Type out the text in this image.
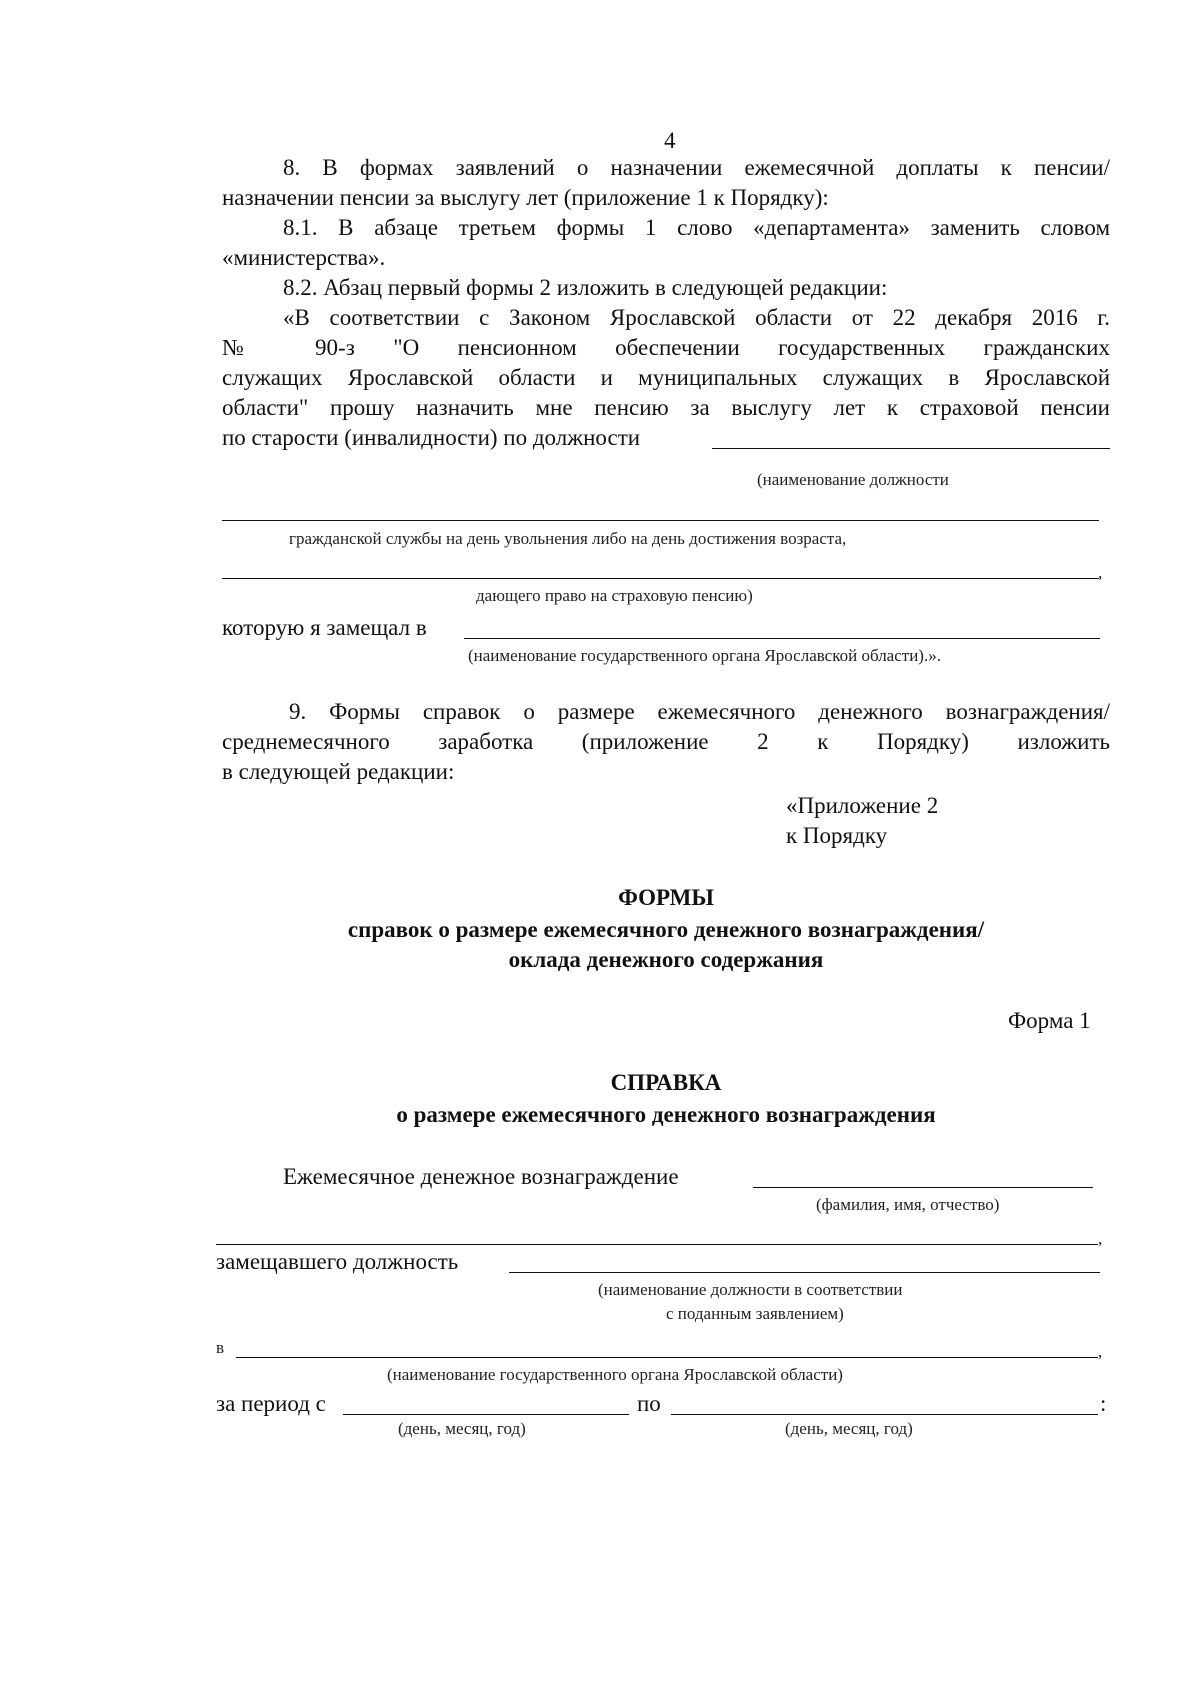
4

8. В формах заявлений о назначении ежемесячной доплаты к пенсии/

назначении пенсии за выслугу лет (приложение 1 к Порядку):

8.1. В абзаце третьем формы 1 слово «департамента» заменить словом

«министерства».

8.2. Абзац первый формы 2 изложить в следующей редакции:

«В соответствии с Законом Ярославской области от 22 декабря 2016 г.

№ 90-з "О пенсионном обеспечении государственных гражданских

служащих Ярославской области и муниципальных служащих в Ярославской

области" прошу назначить мне пенсию за выслугу лет к страховой пенсии

по старости (инвалидности) по должности

(наименование должности

гражданской службы на день увольнения либо на день достижения возраста,

,

дающего право на страховую пенсию)

которую я замещал в

(наименование государственного органа Ярославской области).».

9. Формы справок о размере ежемесячного денежного вознаграждения/

среднемесячного заработка (приложение 2 к Порядку) изложить

в следующей редакции:

«Приложение 2

к Порядку

ФОРМЫ

справок о размере ежемесячного денежного вознаграждения/

оклада денежного содержания

Форма 1

СПРАВКА

о размере ежемесячного денежного вознаграждения

Ежемесячное денежное вознаграждение

(фамилия, имя, отчество)

,

замещавшего должность

(наименование должности в соответствии

с поданным заявлением)

в	,

(наименование государственного органа Ярославской области)

за период с	по	:

(день, месяц, год)	(день, месяц, год)
